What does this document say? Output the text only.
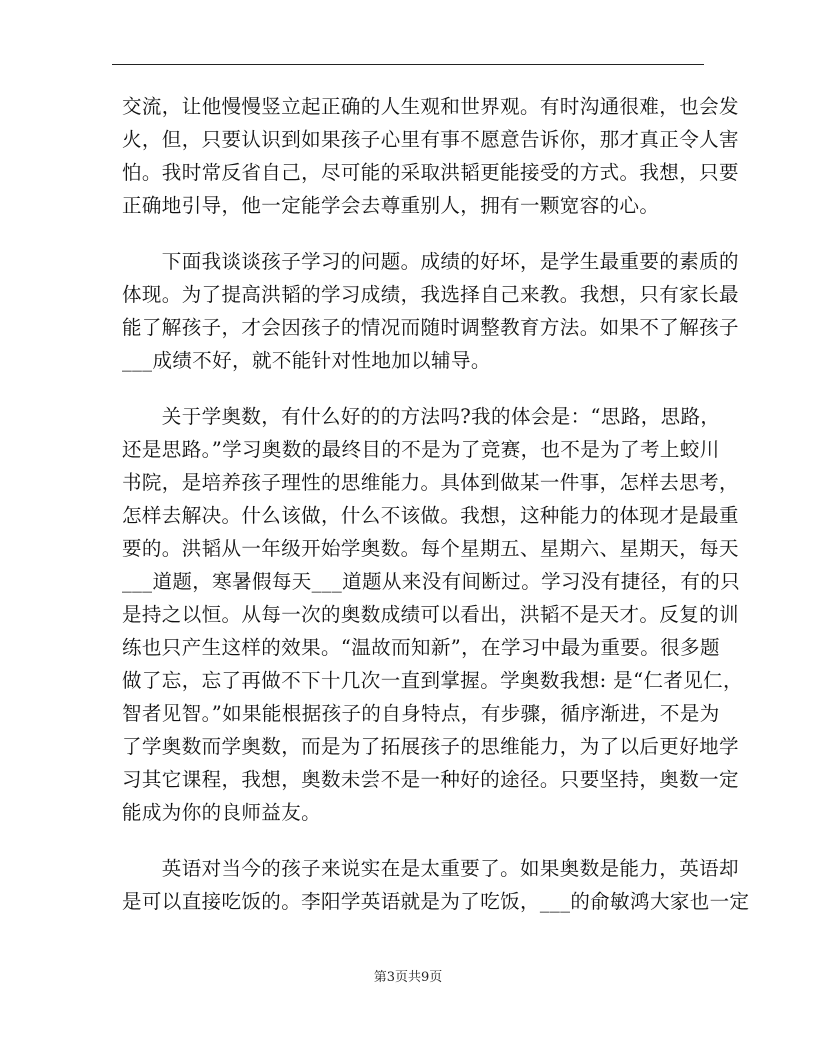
交流，让他慢慢竖立起正确的人生观和世界观。有时沟通很难，也会发
火，但，只要认识到如果孩子心里有事不愿意告诉你，那才真正令人害
怕。我时常反省自己，尽可能的采取洪韬更能接受的方式。我想，只要
正确地引导，他一定能学会去尊重别人，拥有一颗宽容的心。
　　下面我谈谈孩子学习的问题。成绩的好坏，是学生最重要的素质的
体现。为了提高洪韬的学习成绩，我选择自己来教。我想，只有家长最
能了解孩子，才会因孩子的情况而随时调整教育方法。如果不了解孩子
___成绩不好，就不能针对性地加以辅导。
　　关于学奥数，有什么好的的方法吗?我的体会是：“思路，思路，
还是思路。”学习奥数的最终目的不是为了竞赛，也不是为了考上蛟川
书院，是培养孩子理性的思维能力。具体到做某一件事，怎样去思考，
怎样去解决。什么该做，什么不该做。我想，这种能力的体现才是最重
要的。洪韬从一年级开始学奥数。每个星期五、星期六、星期天，每天
___道题，寒暑假每天___道题从来没有间断过。学习没有捷径，有的只
是持之以恒。从每一次的奥数成绩可以看出，洪韬不是天才。反复的训
练也只产生这样的效果。“温故而知新”，在学习中最为重要。很多题
做了忘，忘了再做不下十几次一直到掌握。学奥数我想: 是“仁者见仁，
智者见智。”如果能根据孩子的自身特点，有步骤，循序渐进，不是为
了学奥数而学奥数，而是为了拓展孩子的思维能力，为了以后更好地学
习其它课程，我想，奥数未尝不是一种好的途径。只要坚持，奥数一定
能成为你的良师益友。
　　英语对当今的孩子来说实在是太重要了。如果奥数是能力，英语却
是可以直接吃饭的。李阳学英语就是为了吃饭，___的俞敏鸿大家也一定
第3页共9页
